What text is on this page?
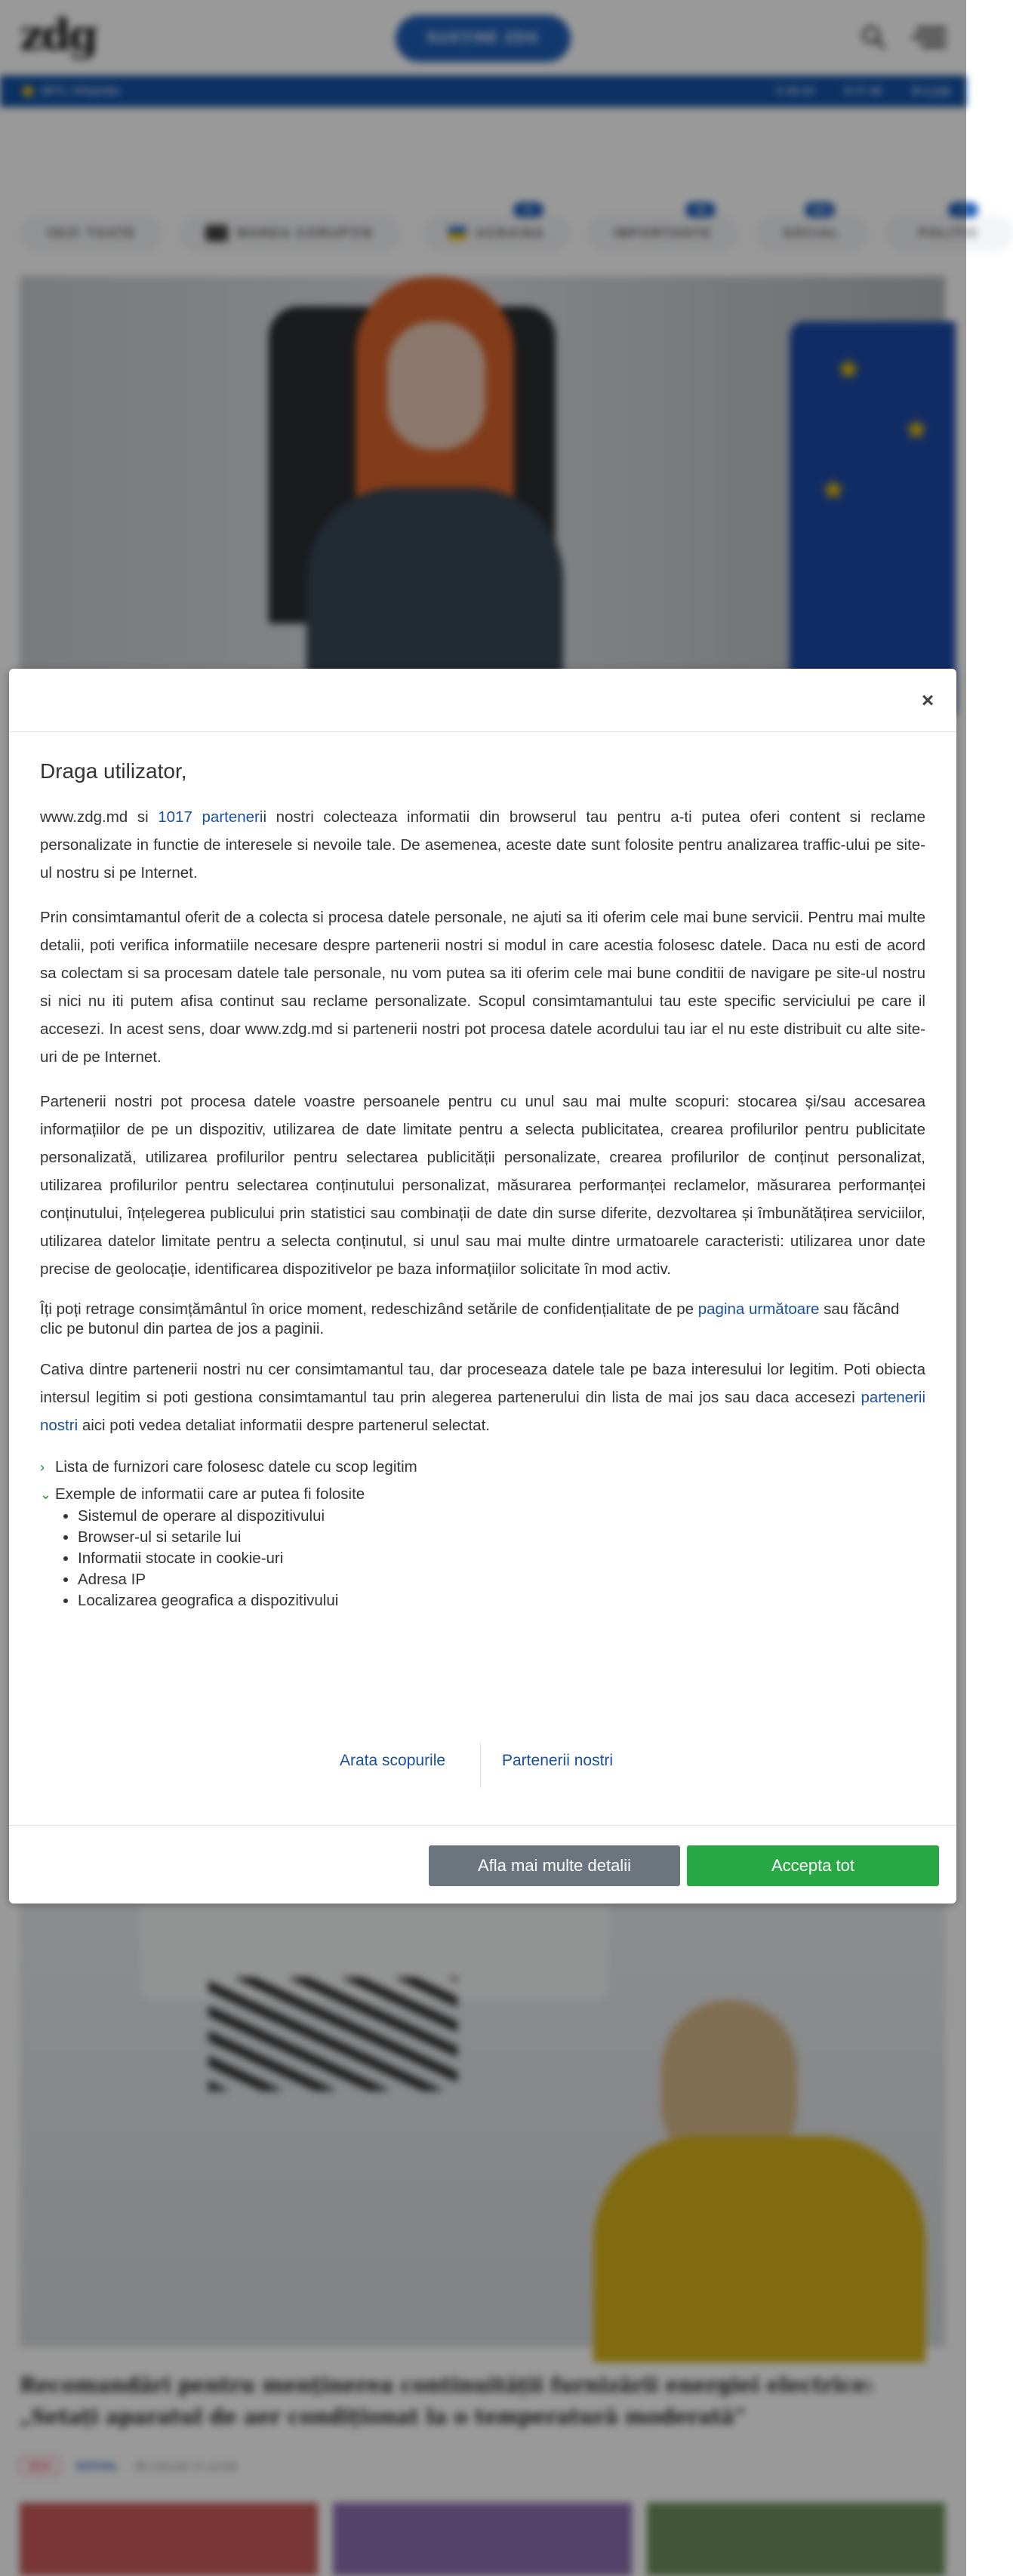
zdg	SUSȚINE ZDG
28°C, Chișinău	€ 20.10	$ 17.40	₽ 0.226
VEZI TOATE	MAREA CORUPȚIE	UCRAINA
71
IMPORTANTE
18
SOCIAL
114
POLITIC
1
★
★
★
Recomandări pentru menținerea continuității furnizării energiei electrice: „Setați aparatul de aer condiționat la o temperatură moderată”
ECO	SOCIAL 36 minute în urmă
×
Draga utilizator,

www.zdg.md si 1017 partenerii nostri colecteaza informatii din browserul tau pentru a-ti putea oferi content si reclame personalizate in functie de interesele si nevoile tale. De asemenea, aceste date sunt folosite pentru analizarea traffic-ului pe site-ul nostru si pe Internet.

Prin consimtamantul oferit de a colecta si procesa datele personale, ne ajuti sa iti oferim cele mai bune servicii. Pentru mai multe detalii, poti verifica informatiile necesare despre partenerii nostri si modul in care acestia folosesc datele. Daca nu esti de acord sa colectam si sa procesam datele tale personale, nu vom putea sa iti oferim cele mai bune conditii de navigare pe site-ul nostru si nici nu iti putem afisa continut sau reclame personalizate. Scopul consimtamantului tau este specific serviciului pe care il accesezi. In acest sens, doar www.zdg.md si partenerii nostri pot procesa datele acordului tau iar el nu este distribuit cu alte site-uri de pe Internet.

Partenerii nostri pot procesa datele voastre persoanele pentru cu unul sau mai multe scopuri: stocarea și/sau accesarea informațiilor de pe un dispozitiv, utilizarea de date limitate pentru a selecta publicitatea, crearea profilurilor pentru publicitate personalizată, utilizarea profilurilor pentru selectarea publicității personalizate, crearea profilurilor de conținut personalizat, utilizarea profilurilor pentru selectarea conținutului personalizat, măsurarea performanței reclamelor, măsurarea performanței conținutului, înțelegerea publicului prin statistici sau combinații de date din surse diferite, dezvoltarea și îmbunătățirea serviciilor, utilizarea datelor limitate pentru a selecta conținutul, si unul sau mai multe dintre urmatoarele caracteristi: utilizarea unor date precise de geolocație, identificarea dispozitivelor pe baza informațiilor solicitate în mod activ.

Îți poți retrage consimțământul în orice moment, redeschizând setările de confidențialitate de pe pagina următoare sau făcând clic pe butonul din partea de jos a paginii.

Cativa dintre partenerii nostri nu cer consimtamantul tau, dar proceseaza datele tale pe baza interesului lor legitim. Poti obiecta intersul legitim si poti gestiona consimtamantul tau prin alegerea partenerului din lista de mai jos sau daca accesezi partenerii nostri aici poti vedea detaliat informatii despre partenerul selectat.

› Lista de furnizori care folosesc datele cu scop legitim
⌄ Exemple de informatii care ar putea fi folosite
• Sistemul de operare al dispozitivului
• Browser-ul si setarile lui
• Informatii stocate in cookie-uri
• Adresa IP
• Localizarea geografica a dispozitivului
Arata scopurile	Partenerii nostri
Afla mai multe detalii	Accepta tot
